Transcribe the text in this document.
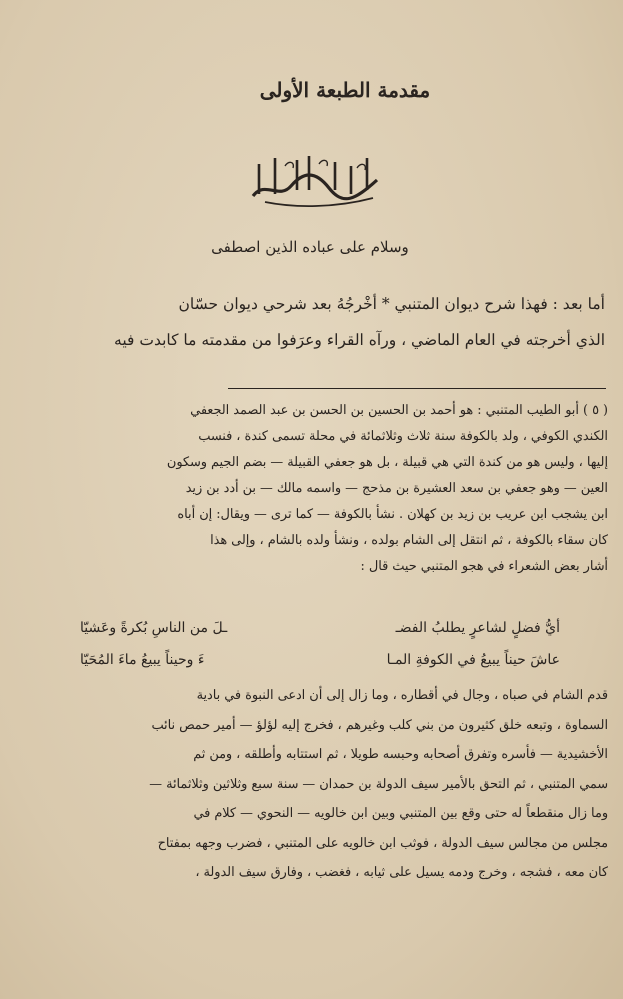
مقدمة الطبعة الأولى
وسلام على عباده الذين اصطفى
أما بعد : فهذا شرح ديوان المتنبي * أخْرجُهُ بعد شرحي ديوان حسّان
الذي أخرجته في العام الماضي ، ورآه القراء وعرَفوا من مقدمته ما كابدت فيه
( ٥ ) أبو الطيب المتنبي : هو أحمد بن الحسين بن الحسن بن عبد الصمد الجعفي
الكندي الكوفي ، ولد بالكوفة سنة ثلاث وثلاثمائة في محلة تسمى كندة ، فنسب
إليها ، وليس هو من كندة التي هي قبيلة ، بل هو جعفي القبيلة — بضم الجيم وسكون
العين — وهو جعفي بن سعد العشيرة بن مذحج — واسمه مالك — بن أدد بن زيد
ابن يشجب ابن عريب بن زيد بن كهلان . نشأ بالكوفة — كما ترى — ويقال: إن أباه
كان سقاء بالكوفة ، ثم انتقل إلى الشام بولده ، ونشأ ولده بالشام ، وإلى هذا
أشار بعض الشعراء في هجو المتنبي حيث قال :
أيُّ فضلٍ لشاعرٍ يطلبُ الفضـ
ـلَ من الناسِ بُكرةً وعَشيّا
عاشَ حيناً يبيعُ في الكوفةِ المـا
ءَ وحيناً يبيعُ ماءَ المُحَيّا
قدم الشام في صباه ، وجال في أقطاره ، وما زال إلى أن ادعى النبوة في بادية
السماوة ، وتبعه خلق كثيرون من بني كلب وغيرهم ، فخرج إليه لؤلؤ — أمير حمص نائب
الأخشيدية — فأسره وتفرق أصحابه وحبسه طويلا ، ثم استتابه وأطلقه ، ومن ثم
سمي المتنبي ، ثم التحق بالأمير سيف الدولة بن حمدان — سنة سبع وثلاثين وثلاثمائة —
وما زال منقطعاً له حتى وقع بين المتنبي وبين ابن خالويه — النحوي — كلام في
مجلس من مجالس سيف الدولة ، فوثب ابن خالويه على المتنبي ، فضرب وجهه بمفتاح
كان معه ، فشجه ، وخرج ودمه يسيل على ثيابه ، فغضب ، وفارق سيف الدولة ،
